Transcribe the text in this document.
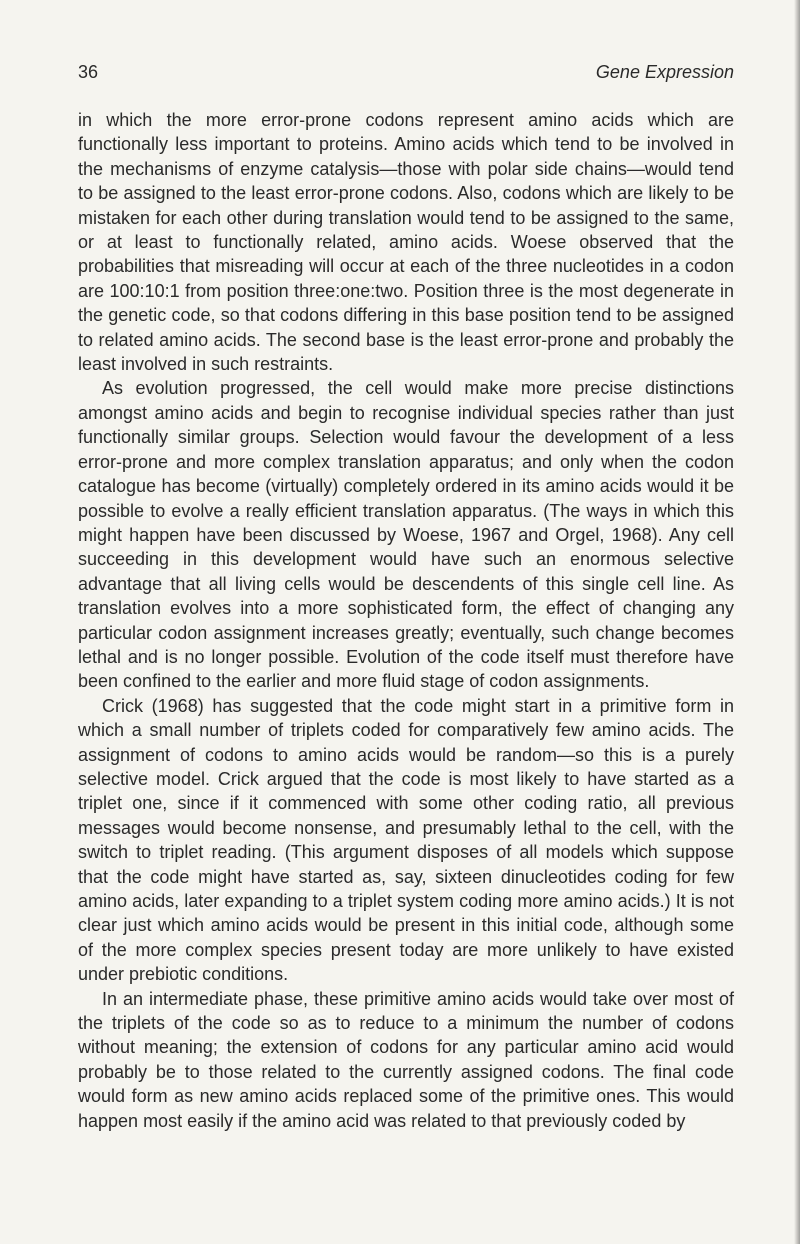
36	Gene Expression

in which the more error-prone codons represent amino acids which are functionally less important to proteins. Amino acids which tend to be involved in the mechanisms of enzyme catalysis—those with polar side chains—would tend to be assigned to the least error-prone codons. Also, codons which are likely to be mistaken for each other during translation would tend to be assigned to the same, or at least to functionally related, amino acids. Woese observed that the probabilities that misreading will occur at each of the three nucleotides in a codon are 100:10:1 from position three:one:two. Position three is the most degenerate in the genetic code, so that codons differing in this base position tend to be assigned to related amino acids. The second base is the least error-prone and probably the least involved in such restraints.

As evolution progressed, the cell would make more precise distinctions amongst amino acids and begin to recognise individual species rather than just functionally similar groups. Selection would favour the development of a less error-prone and more complex translation apparatus; and only when the codon catalogue has become (virtually) completely ordered in its amino acids would it be possible to evolve a really efficient translation apparatus. (The ways in which this might happen have been discussed by Woese, 1967 and Orgel, 1968). Any cell succeeding in this development would have such an enormous selective advantage that all living cells would be descendents of this single cell line. As translation evolves into a more sophisticated form, the effect of changing any particular codon assignment increases greatly; eventually, such change becomes lethal and is no longer possible. Evolution of the code itself must therefore have been confined to the earlier and more fluid stage of codon assignments.

Crick (1968) has suggested that the code might start in a primitive form in which a small number of triplets coded for comparatively few amino acids. The assignment of codons to amino acids would be random—so this is a purely selective model. Crick argued that the code is most likely to have started as a triplet one, since if it commenced with some other coding ratio, all previous messages would become nonsense, and presumably lethal to the cell, with the switch to triplet reading. (This argument disposes of all models which suppose that the code might have started as, say, sixteen dinucleotides coding for few amino acids, later expanding to a triplet system coding more amino acids.) It is not clear just which amino acids would be present in this initial code, although some of the more complex species present today are more unlikely to have existed under prebiotic conditions.

In an intermediate phase, these primitive amino acids would take over most of the triplets of the code so as to reduce to a minimum the number of codons without meaning; the extension of codons for any particular amino acid would probably be to those related to the currently assigned codons. The final code would form as new amino acids replaced some of the primitive ones. This would happen most easily if the amino acid was related to that previously coded by
